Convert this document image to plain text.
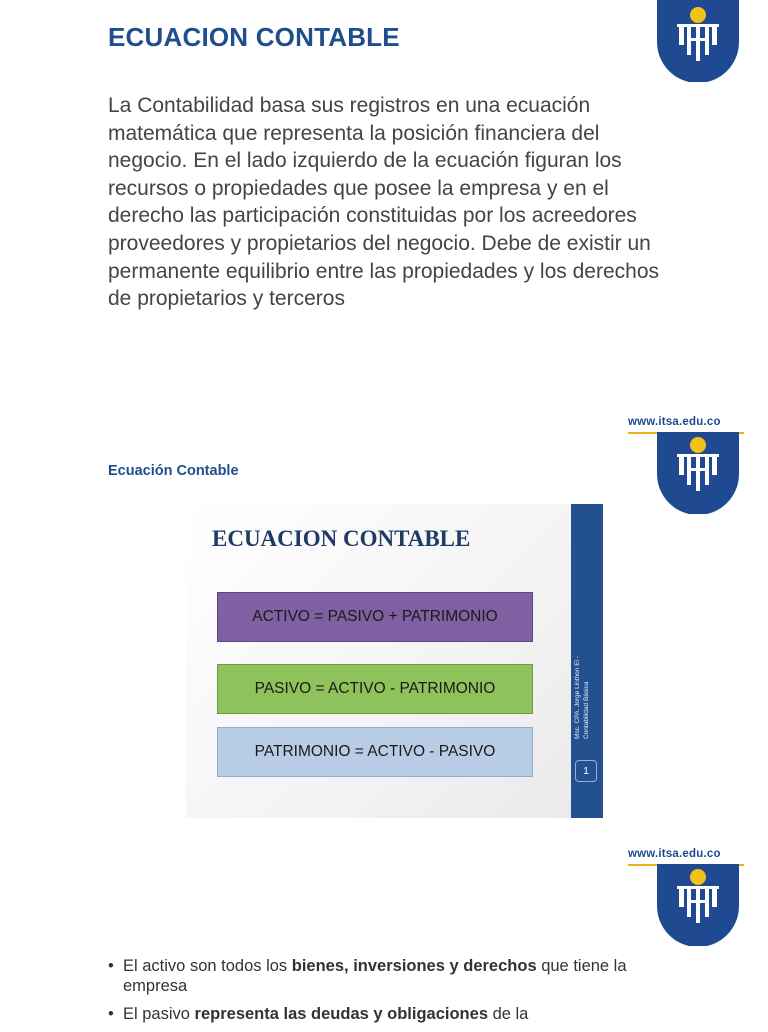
ECUACION CONTABLE

La Contabilidad basa sus registros en una ecuación matemática que representa la posición financiera del negocio. En el lado izquierdo de la ecuación figuran los recursos o propiedades que posee la empresa y en el derecho las participación constituidas por los acreedores proveedores y propietarios del negocio. Debe de existir un permanente equilibrio entre las propiedades y los derechos de propietarios y terceros

www.itsa.edu.co

Ecuación Contable

ECUACION CONTABLE
ACTIVO = PASIVO + PATRIMONIO
PASIVO = ACTIVO - PATRIMONIO
PATRIMONIO = ACTIVO - PASIVO
Msc. CPA. Jorge Linthon El - Contabilidad Básica
1
www.itsa.edu.co
• El activo son todos los bienes, inversiones y derechos que tiene la empresa
• El pasivo representa las deudas y obligaciones de la
